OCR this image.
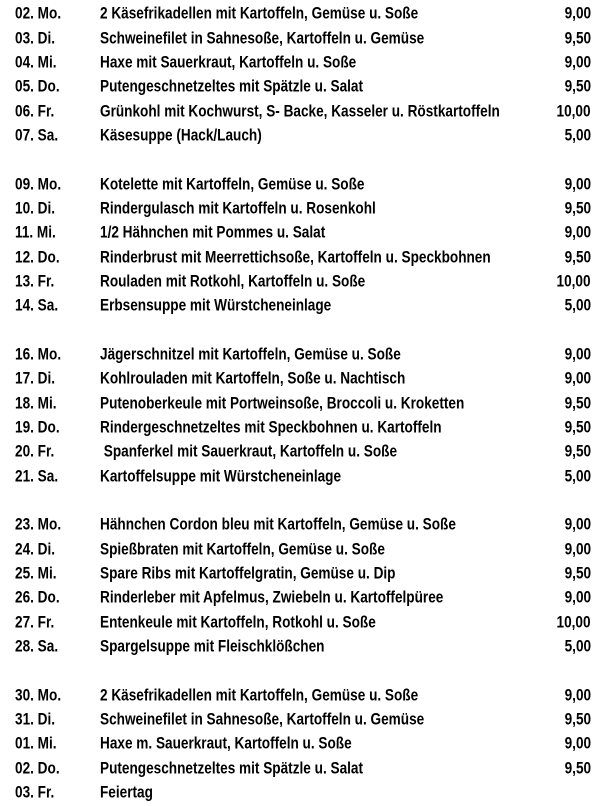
02. Mo. 2 Käsefrikadellen mit Kartoffeln, Gemüse u. Soße	9,00
03. Di.	Schweinefilet in Sahnesoße, Kartoffeln u. Gemüse	9,50
04. Mi.	Haxe mit Sauerkraut, Kartoffeln u. Soße	9,00
05. Do. Putengeschnetzeltes mit Spätzle u. Salat	9,50
06. Fr.	Grünkohl mit Kochwurst, S- Backe, Kasseler u. Röstkartoffeln	10,00
07. Sa. Käsesuppe (Hack/Lauch)	5,00
09. Mo. Kotelette mit Kartoffeln, Gemüse u. Soße	9,00
10. Di.	Rindergulasch mit Kartoffeln u. Rosenkohl	9,50
11. Mi.	1/2 Hähnchen mit Pommes u. Salat	9,00
12. Do. Rinderbrust mit Meerrettichsoße, Kartoffeln u. Speckbohnen	9,50
13. Fr.	Rouladen mit Rotkohl, Kartoffeln u. Soße	10,00
14. Sa. Erbsensuppe mit Würstcheneinlage	5,00
16. Mo. Jägerschnitzel mit Kartoffeln, Gemüse u. Soße	9,00
17. Di.	Kohlrouladen mit Kartoffeln, Soße u. Nachtisch	9,00
18. Mi.	Putenoberkeule mit Portweinsoße, Broccoli u. Kroketten	9,50
19. Do. Rindergeschnetzeltes mit Speckbohnen u. Kartoffeln	9,50
20. Fr.	Spanferkel mit Sauerkraut, Kartoffeln u. Soße	9,50
21. Sa. Kartoffelsuppe mit Würstcheneinlage	5,00
23. Mo. Hähnchen Cordon bleu mit Kartoffeln, Gemüse u. Soße	9,00
24. Di.	Spießbraten mit Kartoffeln, Gemüse u. Soße	9,00
25. Mi.	Spare Ribs mit Kartoffelgratin, Gemüse u. Dip	9,50
26. Do. Rinderleber mit Apfelmus, Zwiebeln u. Kartoffelpüree	9,00
27. Fr.	Entenkeule mit Kartoffeln, Rotkohl u. Soße	10,00
28. Sa. Spargelsuppe mit Fleischklößchen	5,00
30. Mo. 2 Käsefrikadellen mit Kartoffeln, Gemüse u. Soße	9,00
31. Di.	Schweinefilet in Sahnesoße, Kartoffeln u. Gemüse	9,50
01. Mi.	Haxe m. Sauerkraut, Kartoffeln u. Soße	9,00
02. Do. Putengeschnetzeltes mit Spätzle u. Salat	9,50
03. Fr.	Feiertag
